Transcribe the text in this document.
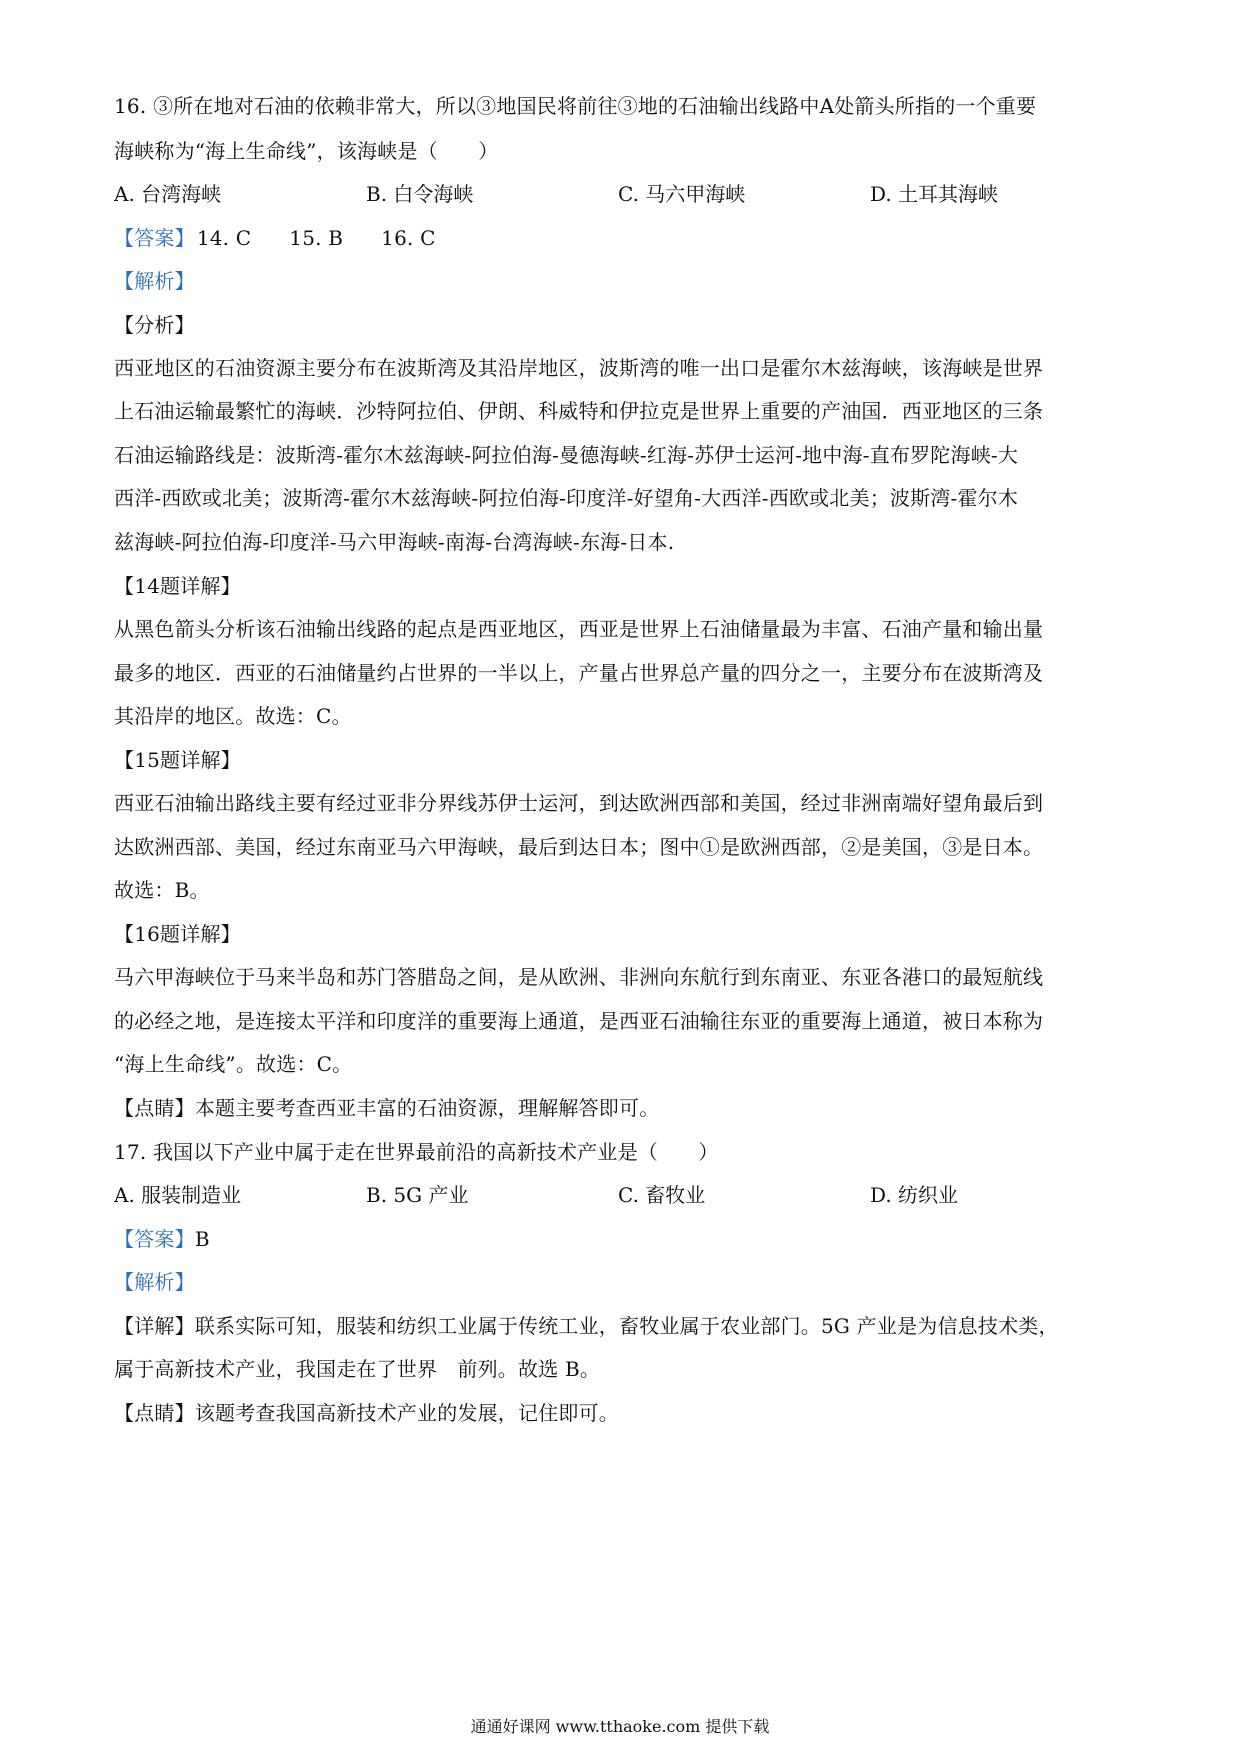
16. ③所在地对石油的依赖非常大，所以③地国民将前往③地的石油输出线路中A处箭头所指的一个重要
海峡称为“海上生命线”，该海峡是（　　）
A. 台湾海峡	B. 白令海峡	C. 马六甲海峡	D. 土耳其海峡
【答案】 14. C 15. B 16. C
【解析】
【分析】
西亚地区的石油资源主要分布在波斯湾及其沿岸地区，波斯湾的唯一出口是霍尔木兹海峡，该海峡是世界
上石油运输最繁忙的海峡．沙特阿拉伯、伊朗、科威特和伊拉克是世界上重要的产油国．西亚地区的三条
石油运输路线是：波斯湾-霍尔木兹海峡-阿拉伯海-曼德海峡-红海-苏伊士运河-地中海-直布罗陀海峡-大
西洋-西欧或北美；波斯湾-霍尔木兹海峡-阿拉伯海-印度洋-好望角-大西洋-西欧或北美；波斯湾-霍尔木
兹海峡-阿拉伯海-印度洋-马六甲海峡-南海-台湾海峡-东海-日本.
【14题详解】
从黑色箭头分析该石油输出线路的起点是西亚地区，西亚是世界上石油储量最为丰富、石油产量和输出量
最多的地区．西亚的石油储量约占世界的一半以上，产量占世界总产量的四分之一，主要分布在波斯湾及
其沿岸的地区。故选：C。
【15题详解】
西亚石油输出路线主要有经过亚非分界线苏伊士运河，到达欧洲西部和美国，经过非洲南端好望角最后到
达欧洲西部、美国，经过东南亚马六甲海峡，最后到达日本；图中①是欧洲西部，②是美国，③是日本。
故选：B。
【16题详解】
马六甲海峡位于马来半岛和苏门答腊岛之间，是从欧洲、非洲向东航行到东南亚、东亚各港口的最短航线
的必经之地，是连接太平洋和印度洋的重要海上通道，是西亚石油输往东亚的重要海上通道，被日本称为
“海上生命线”。故选：C。
【点睛】本题主要考查西亚丰富的石油资源，理解解答即可。
17. 我国以下产业中属于走在世界最前沿的高新技术产业是（　　）
A. 服装制造业	B. 5G 产业	C. 畜牧业	D. 纺织业
【答案】B
【解析】
【详解】联系实际可知，服装和纺织工业属于传统工业，畜牧业属于农业部门。5G 产业是为信息技术类，
属于高新技术产业，我国走在了世界　前列。故选 B。
【点睛】该题考查我国高新技术产业的发展，记住即可。
通通好课网 www.tthaoke.com 提供下载
